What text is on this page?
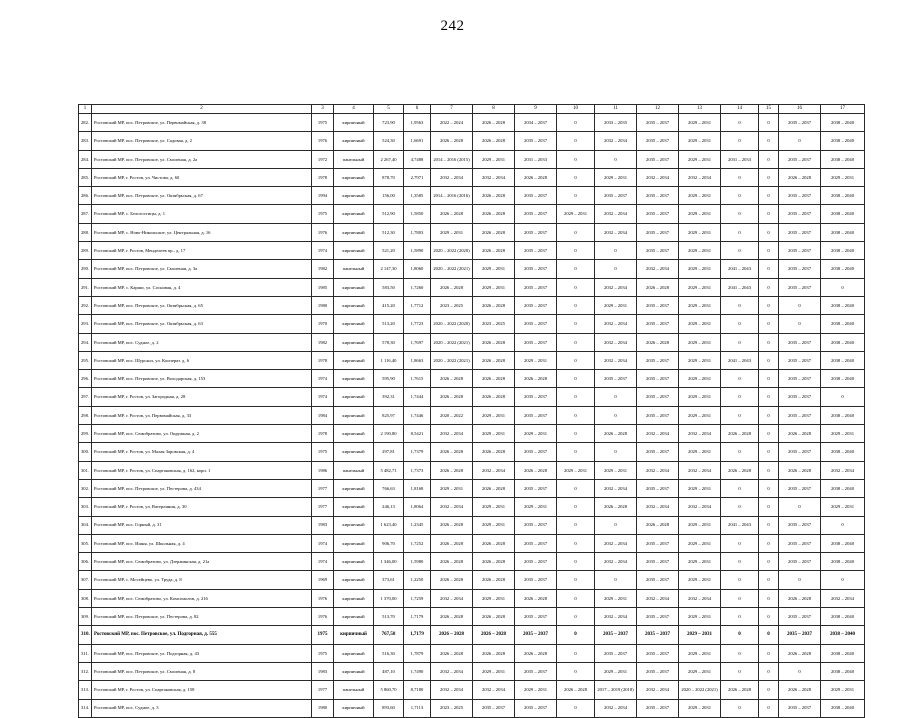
242
1	2	3	4	5	6	7	8	9	10	11	12	13	14	15	16	17
282.	Ростовский МР, пос. Петровское, ул. Первомайская, д. 38	1975	кирпичный	723,90	1,9563	2022 – 2024	2026 – 2028	2034 – 2037	0	2033 – 2035	2035 – 2037	2029 – 2031	0	0	2035 – 2037	2038 – 2040
283.	Ростовский МР, пос. Петровское, ул. Садовая, д. 2	1976	кирпичный	524,30	1,6691	2026 – 2028	2026 – 2028	2035 – 2037	0	2032 – 2034	2035 – 2037	2029 – 2031	0	0	0	2038 – 2040
284.	Ростовский МР, пос. Петровское, ул. Смоленая, д. 2а	1972	панельный	2 267,40	4,7488	2014 – 2016 (2015)	2029 – 2031	2031 – 2033	0	0	2035 – 2037	2029 – 2031	2031 – 2033	0	2035 – 2037	2038 – 2040
285.	Ростовский МР, г. Ростов, ул. Чистова, д. 60	1978	кирпичный	878,70	2,7971	2032 – 2034	2032 – 2034	2026 – 2028	0	2029 – 2031	2032 – 2034	2032 – 2034	0	0	2026 – 2028	2029 – 2031
286.	Ростовский МР, пос. Петровское, ул. Октябрьская, д. 67	1994	кирпичный	156,00	1,3585	2014 – 2016 (2016)	2026 – 2028	2035 – 2037	0	2035 – 2037	2035 – 2037	2029 – 2031	0	0	2035 – 2037	2038 – 2040
287.	Ростовский МР, с. Белогостицы, д. 1	1975	кирпичный	512,90	1,5850	2026 – 2028	2026 – 2028	2035 – 2037	2029 – 2031	2032 – 2034	2035 – 2037	2029 – 2031	0	0	2035 – 2037	2038 – 2040
288.	Ростовский МР, с. Ново-Никольское, ул. Центральная, д. 16	1976	кирпичный	512,30	1,7803	2029 – 2031	2026 – 2028	2035 – 2037	0	2032 – 2034	2035 – 2037	2029 – 2031	0	0	2035 – 2037	2038 – 2040
289.	Ростовский МР, г. Ростов, Менделеев пр., д. 17	1974	кирпичный	521,20	1,5890	2020 – 2022 (2020)	2026 – 2028	2035 – 2037	0	0	2035 – 2037	2029 – 2031	0	0	2035 – 2037	2038 – 2040
290.	Ростовский МР, пос. Петровское, ул. Смоленая, д. 3а	1982	панельный	2 147,30	1,8060	2020 – 2022 (2021)	2029 – 2031	2035 – 2037	0	0	2032 – 2034	2029 – 2031	2041 – 2043	0	2035 – 2037	2038 – 2040
291.	Ростовский МР, с. Карши, ул. Сосновая, д. 4	1985	кирпичный	583,50	1,7260	2026 – 2028	2029 – 2031	2035 – 2037	0	2032 – 2034	2026 – 2028	2029 – 2031	2041 – 2043	0	2035 – 2037	0
292.	Ростовский МР, пос. Петровское, ул. Октябрьская, д. 65	1980	кирпичный	415,20	1,7712	2023 – 2025	2026 – 2028	2035 – 2037	0	2029 – 2031	2035 – 2037	2029 – 2031	0	0	0	2038 – 2040
293.	Ростовский МР, пос. Петровское, ул. Октябрьская, д. 63	1970	кирпичный	513,20	1,7723	2020 – 2022 (2020)	2023 – 2025	2035 – 2037	0	2032 – 2034	2035 – 2037	2029 – 2031	0	0	0	2038 – 2040
294.	Ростовский МР, пос. Судное, д. 2	1982	кирпичный	578,30	1,7697	2020 – 2022 (2021)	2026 – 2028	2035 – 2037	0	2032 – 2034	2026 – 2028	2029 – 2031	0	0	2035 – 2037	2038 – 2040
295.	Ростовский МР, пос. Шурскол, ул. Кооперат. д. 6	1978	кирпичный	1 116,40	1,8663	2020 – 2022 (2021)	2026 – 2028	2029 – 2031	0	2032 – 2034	2035 – 2037	2029 – 2031	2041 – 2043	0	2035 – 2037	2038 – 2040
296.	Ростовский МР, пос. Петровское, ул. Володарская, д. 153	1974	кирпичный	595,90	1,7615	2026 – 2028	2026 – 2028	2026 – 2028	0	2035 – 2037	2035 – 2037	2029 – 2031	0	0	2035 – 2037	2038 – 2040
297.	Ростовский МР, г. Ростов, ул. Загородная, д. 28	1974	кирпичный	392,31	1,7444	2026 – 2028	2026 – 2028	2035 – 2037	0	0	2035 – 2037	2029 – 2031	0	0	2035 – 2037	0
298.	Ростовский МР, г. Ростов, ул. Первомайская, д. 33	1984	кирпичный	825,97	1,7446	2020 – 2022	2029 – 2031	2035 – 2037	0	0	2035 – 2037	2029 – 2031	0	0	2035 – 2037	2038 – 2040
299.	Ростовский МР, пос. Семибратово, ул. Окружная, д. 2	1978	кирпичный	2 190,80	8,5421	2032 – 2034	2029 – 2031	2029 – 2031	0	2026 – 2028	2032 – 2034	2032 – 2034	2026 – 2028	0	2026 – 2028	2029 – 2031
300.	Ростовский МР, г. Ростов, ул. Малая Заровская, д. 4	1975	кирпичный	297,81	1,7379	2026 – 2028	2026 – 2028	2035 – 2037	0	0	2035 – 2037	2029 – 2031	0	0	2035 – 2037	2038 – 2040
301.	Ростовский МР, г. Ростов, ул. Спартаковская, д. 162, корп. 1	1986	панельный	5 482,71	1,7373	2026 – 2028	2032 – 2034	2026 – 2028	2029 – 2031	2029 – 2031	2032 – 2034	2032 – 2034	2026 – 2028	0	2026 – 2028	2032 – 2034
302.	Ростовский МР, пос. Петровское, ул. Пестерова, д. 434	1977	кирпичный	766,63	1,8168	2029 – 2031	2026 – 2028	2035 – 2037	0	2032 – 2034	2035 – 2037	2029 – 2031	0	0	2035 – 2037	2038 – 2040
303.	Ростовский МР, г. Ростов, ул. Ватерлиния, д. 30	1977	кирпичный	246,13	1,8064	2032 – 2034	2029 – 2031	2029 – 2031	0	2026 – 2028	2032 – 2034	2032 – 2034	0	0	0	2029 – 2031
304.	Ростовский МР, пос. Горный, д. 31	1983	кирпичный	1 623,40	1,2345	2026 – 2028	2029 – 2031	2035 – 2037	0	0	2026 – 2028	2029 – 2031	2041 – 2043	0	2035 – 2037	0
305.	Ростовский МР, пос. Ишня, ул. Школьная, д. 4	1974	кирпичный	906,70	1,7252	2026 – 2028	2026 – 2028	2035 – 2037	0	2032 – 2034	2035 – 2037	2029 – 2031	0	0	2035 – 2037	2038 – 2040
306.	Ростовский МР, пос. Семибратово, ул. Дзержинская, д. 21а	1974	кирпичный	1 346,00	1,5980	2026 – 2028	2026 – 2028	2035 – 2037	0	2032 – 2034	2035 – 2037	2029 – 2031	0	0	2035 – 2037	2038 – 2040
307.	Ростовский МР, с. Мосейцево, ул. Труда, д. 8	1969	кирпичный	373,61	1,2250	2026 – 2028	2026 – 2028	2035 – 2037	0	0	2035 – 2037	2029 – 2031	0	0	0	0
308.	Ростовский МР, пос. Семибратово, ул. Комсомолов, д. 216	1976	кирпичный	1 370,00	1,7259	2032 – 2034	2029 – 2031	2026 – 2028	0	2029 – 2031	2032 – 2034	2032 – 2034	0	0	2026 – 2028	2032 – 2034
309.	Ростовский МР, пос. Петровское, ул. Пестерова, д. 82	1976	кирпичный	513,70	1,7179	2026 – 2028	2026 – 2028	2035 – 2037	0	2032 – 2034	2035 – 2037	2029 – 2031	0	0	2035 – 2037	2038 – 2040
310.	Ростовский МР, пос. Петровское, ул. Подгорная, д. 555	1975	кирпичный	767,50	1,7179	2026 – 2028	2026 – 2028	2035 – 2037	0	2035 – 2037	2035 – 2037	2029 – 2031	0	0	2035 – 2037	2038 – 2040
311.	Ростовский МР, пос. Петровское, ул. Подгорная, д. 43	1975	кирпичный	516,30	1,7879	2026 – 2028	2026 – 2028	2026 – 2028	0	2035 – 2037	2035 – 2037	2029 – 2031	0	0	2026 – 2028	2038 – 2040
312.	Ростовский МР, пос. Петровское, ул. Смоленая, д. 8	1983	кирпичный	487,10	1,7490	2032 – 2034	2029 – 2031	2035 – 2037	0	2029 – 2031	2035 – 2037	2029 – 2031	0	0	0	2038 – 2040
313.	Ростовский МР, г. Ростов, ул. Спартаковская, д. 158	1977	панельный	5 860,70	8,7180	2032 – 2034	2032 – 2034	2029 – 2031	2026 – 2028	2017 – 2019 (2018)	2032 – 2034	2020 – 2022 (2021)	2026 – 2028	0	2026 – 2028	2029 – 2031
314.	Ростовский МР, пос. Судное, д. 3	1980	кирпичный	893,60	1,7113	2023 – 2025	2035 – 2037	2035 – 2037	0	2032 – 2034	2035 – 2037	2029 – 2031	0	0	2035 – 2037	2038 – 2040
